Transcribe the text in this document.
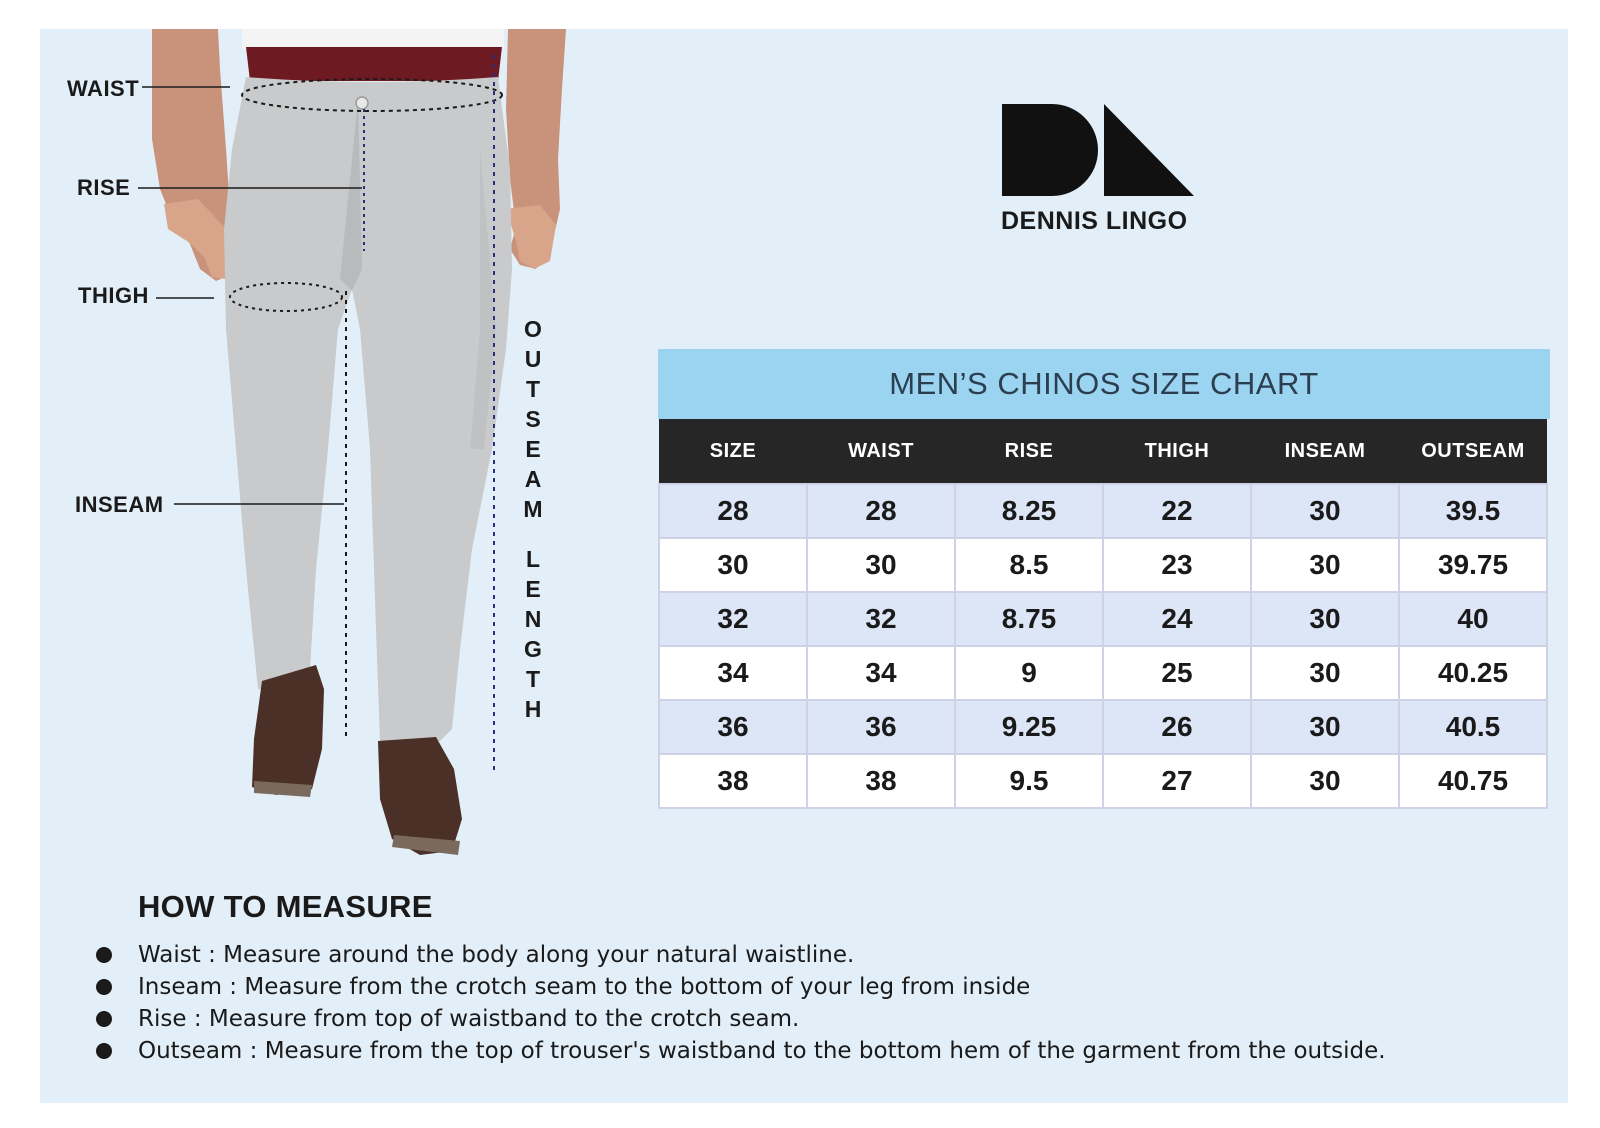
WAIST
RISE
THIGH
INSEAM
O
U
T
S
E
A
M
L
E
N
G
T
H
DENNIS LINGO
MEN’S CHINOS SIZE CHART
SIZE	WAIST	RISE	THIGH	INSEAM	OUTSEAM
28	28	8.25	22	30	39.5
30	30	8.5	23	30	39.75
32	32	8.75	24	30	40
34	34	9	25	30	40.25
36	36	9.25	26	30	40.5
38	38	9.5	27	30	40.75
HOW TO MEASURE
Waist : Measure around the body along your natural waistline.
Inseam : Measure from the crotch seam to the bottom of your leg from inside
Rise : Measure from top of waistband to the crotch seam.
Outseam : Measure from the top of trouser's waistband to the bottom hem of the garment from the outside.
